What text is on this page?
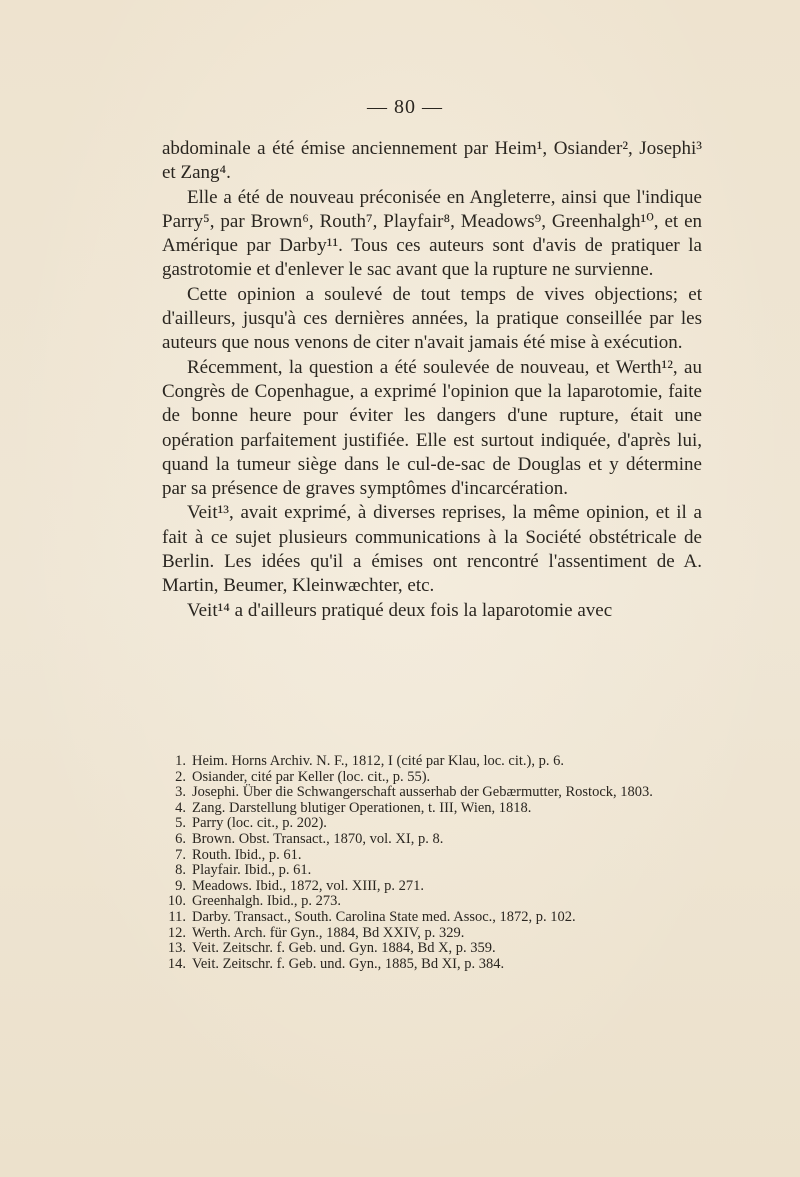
— 80 —

abdominale a été émise anciennement par Heim¹, Osiander², Josephi³ et Zang⁴.

Elle a été de nouveau préconisée en Angleterre, ainsi que l'indique Parry⁵, par Brown⁶, Routh⁷, Playfair⁸, Meadows⁹, Greenhalgh¹⁰, et en Amérique par Darby¹¹. Tous ces auteurs sont d'avis de pratiquer la gastrotomie et d'enlever le sac avant que la rupture ne survienne.

Cette opinion a soulevé de tout temps de vives objections; et d'ailleurs, jusqu'à ces dernières années, la pratique conseillée par les auteurs que nous venons de citer n'avait jamais été mise à exécution.

Récemment, la question a été soulevée de nouveau, et Werth¹², au Congrès de Copenhague, a exprimé l'opinion que la laparotomie, faite de bonne heure pour éviter les dangers d'une rupture, était une opération parfaitement justifiée. Elle est surtout indiquée, d'après lui, quand la tumeur siège dans le cul-de-sac de Douglas et y détermine par sa présence de graves symptômes d'incarcération.

Veit¹³, avait exprimé, à diverses reprises, la même opinion, et il a fait à ce sujet plusieurs communications à la Société obstétricale de Berlin. Les idées qu'il a émises ont rencontré l'assentiment de A. Martin, Beumer, Kleinwæchter, etc.

Veit¹⁴ a d'ailleurs pratiqué deux fois la laparotomie avec

1. Heim. Horns Archiv. N. F., 1812, I (cité par Klau, loc. cit.), p. 6.
2. Osiander, cité par Keller (loc. cit., p. 55).
3. Josephi. Über die Schwangerschaft ausserhab der Gebærmutter, Rostock, 1803.
4. Zang. Darstellung blutiger Operationen, t. III, Wien, 1818.
5. Parry (loc. cit., p. 202).
6. Brown. Obst. Transact., 1870, vol. XI, p. 8.
7. Routh. Ibid., p. 61.
8. Playfair. Ibid., p. 61.
9. Meadows. Ibid., 1872, vol. XIII, p. 271.
10. Greenhalgh. Ibid., p. 273.
11. Darby. Transact., South. Carolina State med. Assoc., 1872, p. 102.
12. Werth. Arch. für Gyn., 1884, Bd XXIV, p. 329.
13. Veit. Zeitschr. f. Geb. und. Gyn. 1884, Bd X, p. 359.
14. Veit. Zeitschr. f. Geb. und. Gyn., 1885, Bd XI, p. 384.
